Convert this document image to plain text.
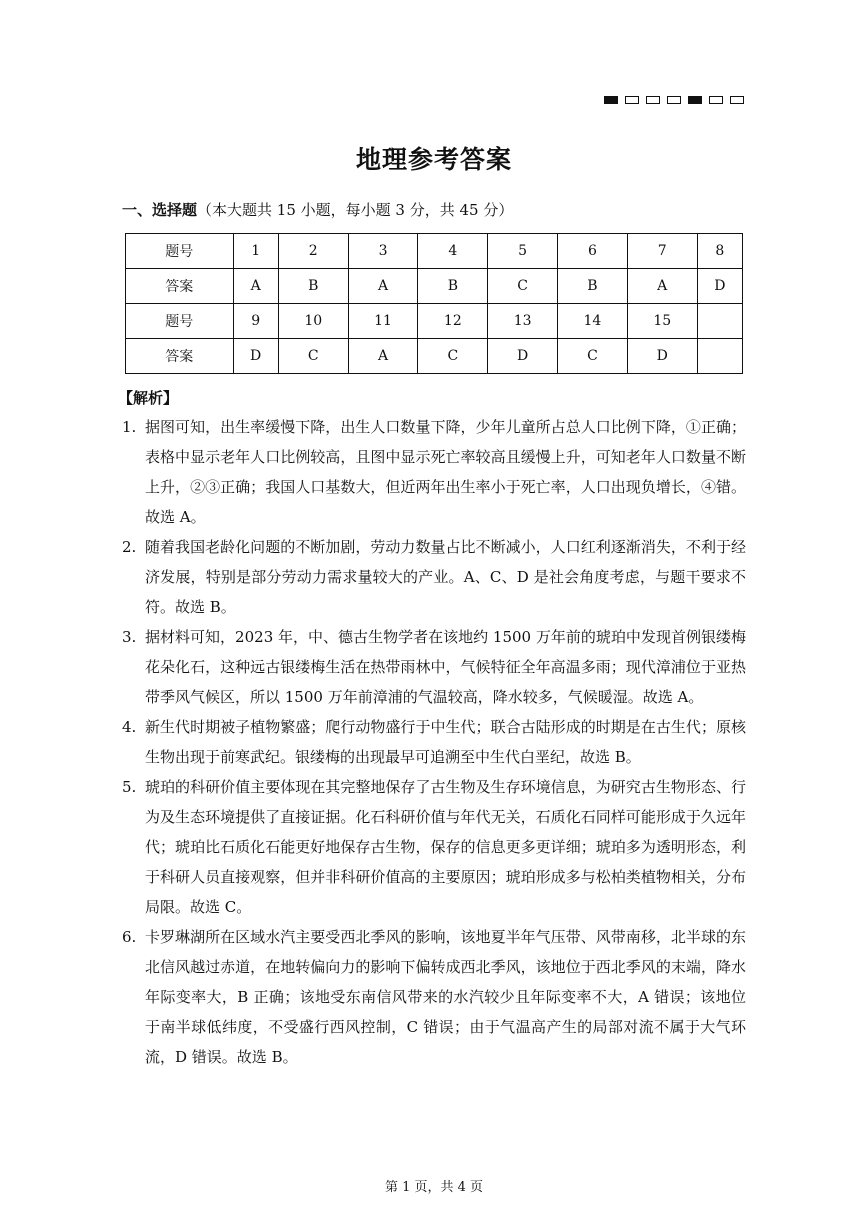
地理参考答案
一、选择题（本大题共 15 小题，每小题 3 分，共 45 分）
题号	1	2	3	4	5	6	7	8
答案	A	B	A	B	C	B	A	D
题号	9	10	11	12	13	14	15	
答案	D	C	A	C	D	C	D	
【解析】
1. 据图可知，出生率缓慢下降，出生人口数量下降，少年儿童所占总人口比例下降，①正确；表格中显示老年人口比例较高，且图中显示死亡率较高且缓慢上升，可知老年人口数量不断上升，②③正确；我国人口基数大，但近两年出生率小于死亡率，人口出现负增长，④错。故选 A。
2. 随着我国老龄化问题的不断加剧，劳动力数量占比不断减小，人口红利逐渐消失，不利于经济发展，特别是部分劳动力需求量较大的产业。A、C、D 是社会角度考虑，与题干要求不符。故选 B。
3. 据材料可知，2023 年，中、德古生物学者在该地约 1500 万年前的琥珀中发现首例银缕梅花朵化石，这种远古银缕梅生活在热带雨林中，气候特征全年高温多雨；现代漳浦位于亚热带季风气候区，所以 1500 万年前漳浦的气温较高，降水较多，气候暖湿。故选 A。
4. 新生代时期被子植物繁盛；爬行动物盛行于中生代；联合古陆形成的时期是在古生代；原核生物出现于前寒武纪。银缕梅的出现最早可追溯至中生代白垩纪，故选 B。
5. 琥珀的科研价值主要体现在其完整地保存了古生物及生存环境信息，为研究古生物形态、行为及生态环境提供了直接证据。化石科研价值与年代无关，石质化石同样可能形成于久远年代；琥珀比石质化石能更好地保存古生物，保存的信息更多更详细；琥珀多为透明形态，利于科研人员直接观察，但并非科研价值高的主要原因；琥珀形成多与松柏类植物相关，分布局限。故选 C。
6. 卡罗琳湖所在区域水汽主要受西北季风的影响，该地夏半年气压带、风带南移，北半球的东北信风越过赤道，在地转偏向力的影响下偏转成西北季风，该地位于西北季风的末端，降水年际变率大，B 正确；该地受东南信风带来的水汽较少且年际变率不大，A 错误；该地位于南半球低纬度，不受盛行西风控制，C 错误；由于气温高产生的局部对流不属于大气环流，D 错误。故选 B。
第 1 页，共 4 页
